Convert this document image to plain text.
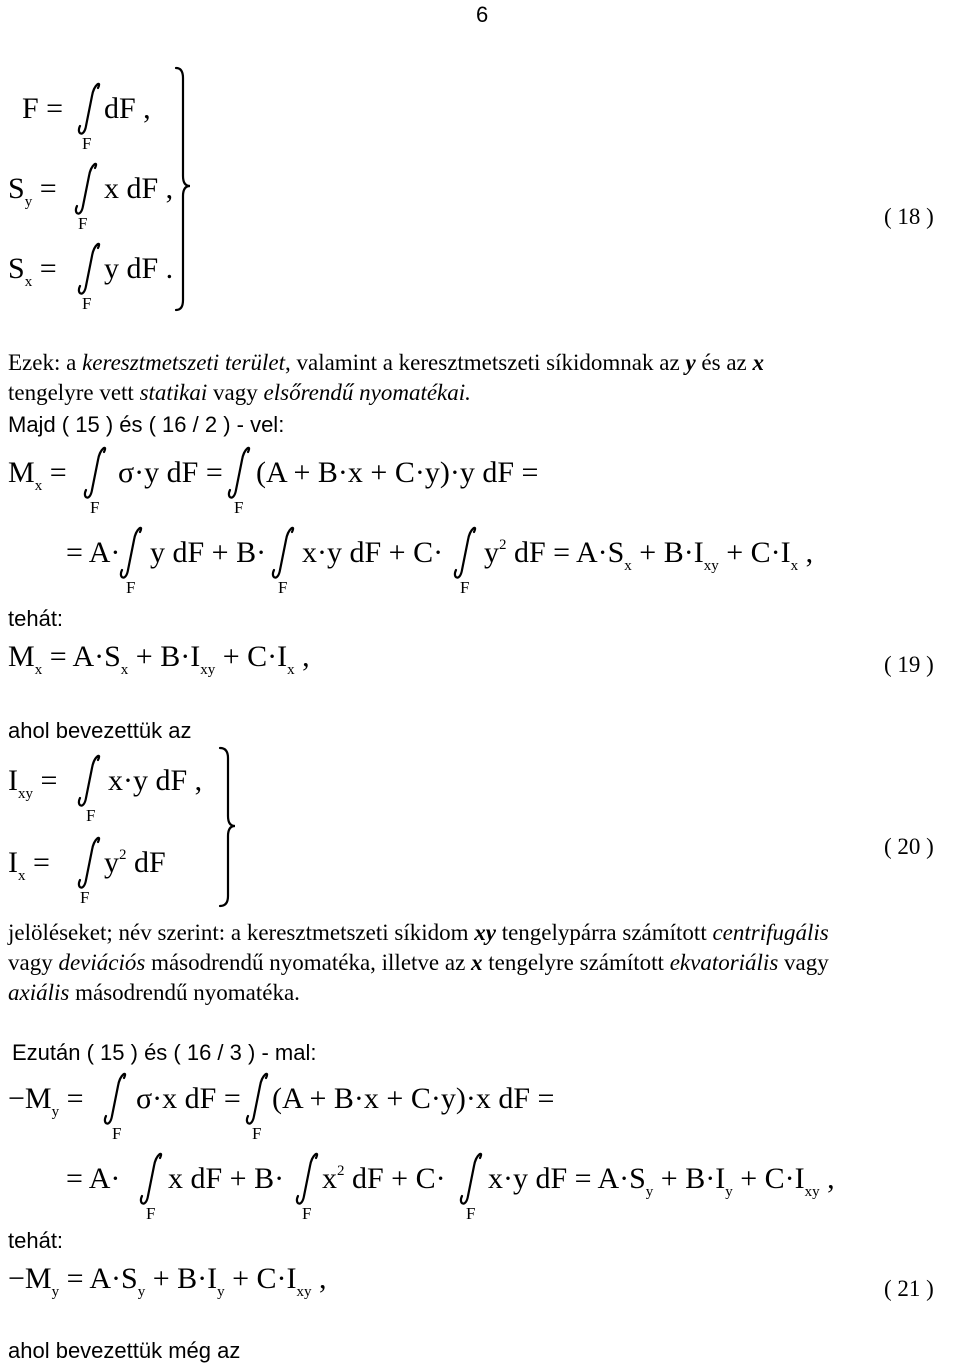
6
F = dF ,
F
$S_y = x$ dF ,
F
$S_x = y$ dF .
F
( 18 )
Ezek: a keresztmetszeti terület, valamint a keresztmetszeti síkidomnak az y és az x
tengelyre vett statikai vagy elsőrendű nyomatékai.
Majd ( 15 ) és ( 16 / 2 ) - vel:
$M_x = \sigma\cdot y$ dF = (A + B·x + C·y)·y dF =
F	F
= A· y dF + B· x·y dF + $C\cdot y^2$ dF = $A\cdot S_x + B\cdot I_{xy} + C\cdot I_x$ ,
F	F	F
tehát:
$M_x = A\cdot S_x + B\cdot I_{xy} + C\cdot I_x$ ,	( 19 )
ahol bevezettük az
$I_{xy} = x\cdot y$ dF ,
F
$I_x = y^2$ dF
F
( 20 )
jelöléseket; név szerint: a keresztmetszeti síkidom xy tengelypárra számított centrifugális
vagy deviációs másodrendű nyomatéka, illetve az x tengelyre számított ekvatoriális vagy
axiális másodrendű nyomatéka.
Ezután ( 15 ) és ( 16 / 3 ) - mal:
$-M_y = \sigma\cdot x$ dF = (A + B·x + C·y)·x dF =
F	F
= A· x dF + $B\cdot x^2$ dF + C· x·y dF = $A\cdot S_y + B\cdot I_y + C\cdot I_{xy}$ ,
F	F	F
tehát:
$-M_y = A\cdot S_y + B\cdot I_y + C\cdot I_{xy}$ ,	( 21 )
ahol bevezettük még az
